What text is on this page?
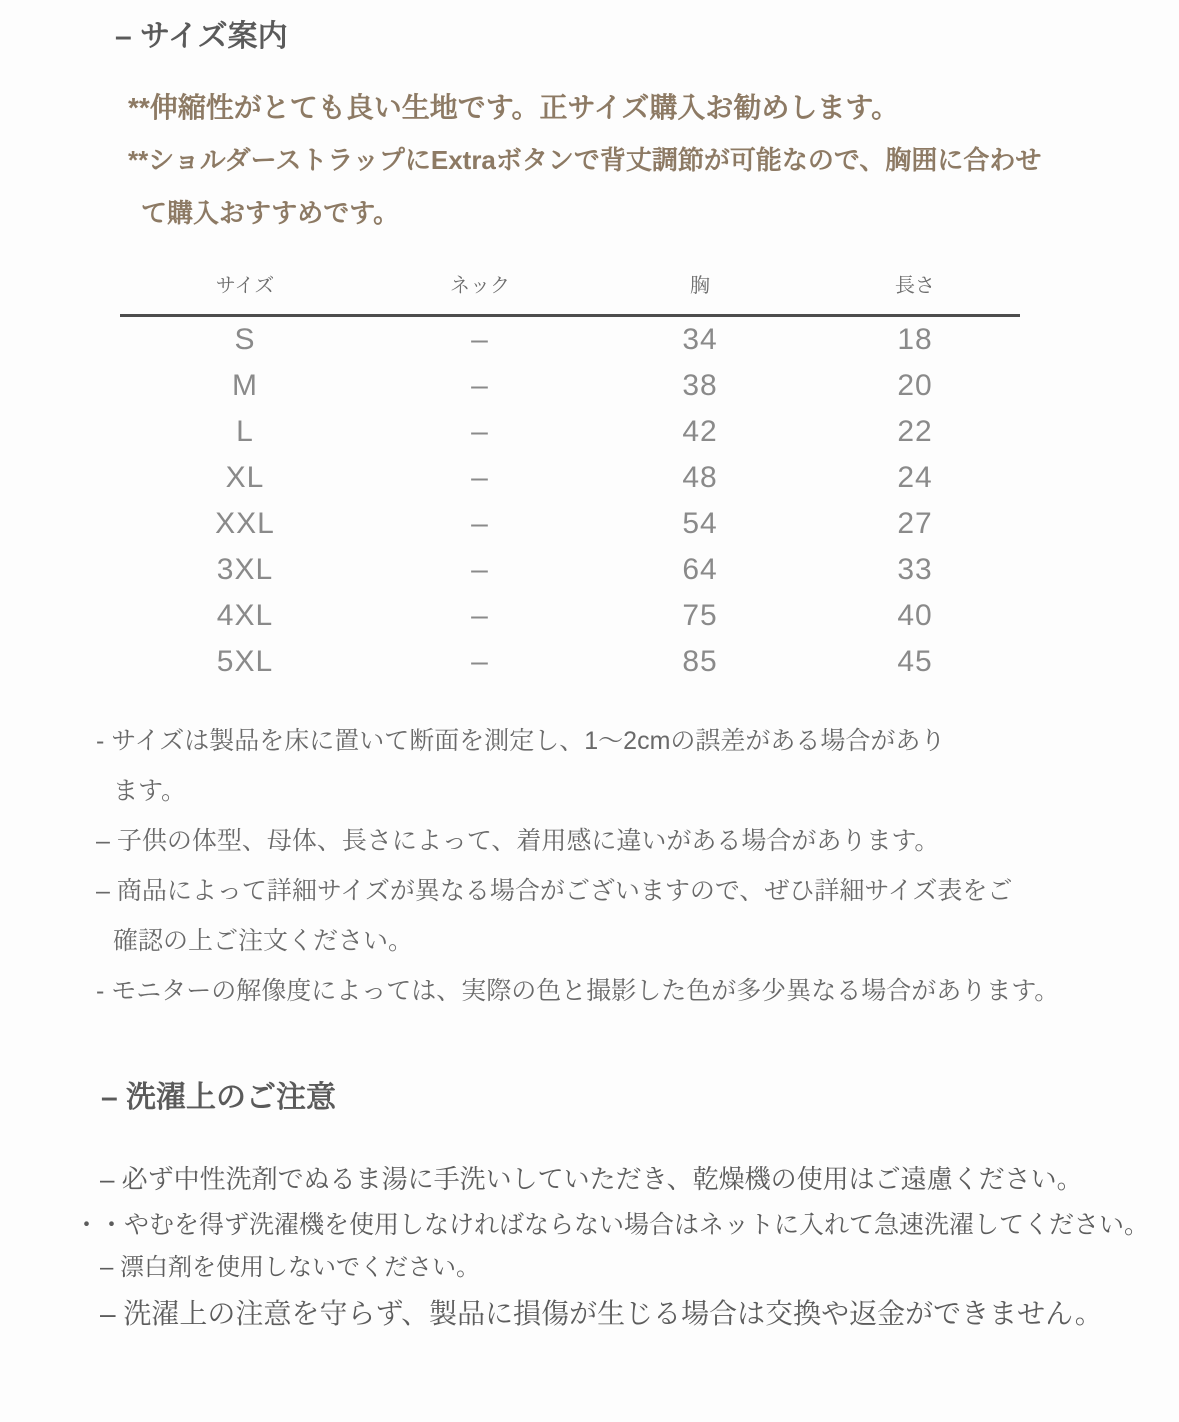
– サイズ案内

**伸縮性がとても良い生地です。正サイズ購入お勧めします。

**ショルダーストラップにExtraボタンで背丈調節が可能なので、胸囲に合わせ

て購入おすすめです。

サイズ	ネック	胸	長さ
S	–	34	18
M	–	38	20
L	–	42	22
XL	–	48	24
XXL	–	54	27
3XL	–	64	33
4XL	–	75	40
5XL	–	85	45

- サイズは製品を床に置いて断面を測定し、1～2cmの誤差がある場合があり

ます。

– 子供の体型、母体、長さによって、着用感に違いがある場合があります。

– 商品によって詳細サイズが異なる場合がございますので、ぜひ詳細サイズ表をご

確認の上ご注文ください。

- モニターの解像度によっては、実際の色と撮影した色が多少異なる場合があります。

– 洗濯上のご注意

– 必ず中性洗剤でぬるま湯に手洗いしていただき、乾燥機の使用はご遠慮ください。

・・やむを得ず洗濯機を使用しなければならない場合はネットに入れて急速洗濯してください。

– 漂白剤を使用しないでください。

– 洗濯上の注意を守らず、製品に損傷が生じる場合は交換や返金ができません。
